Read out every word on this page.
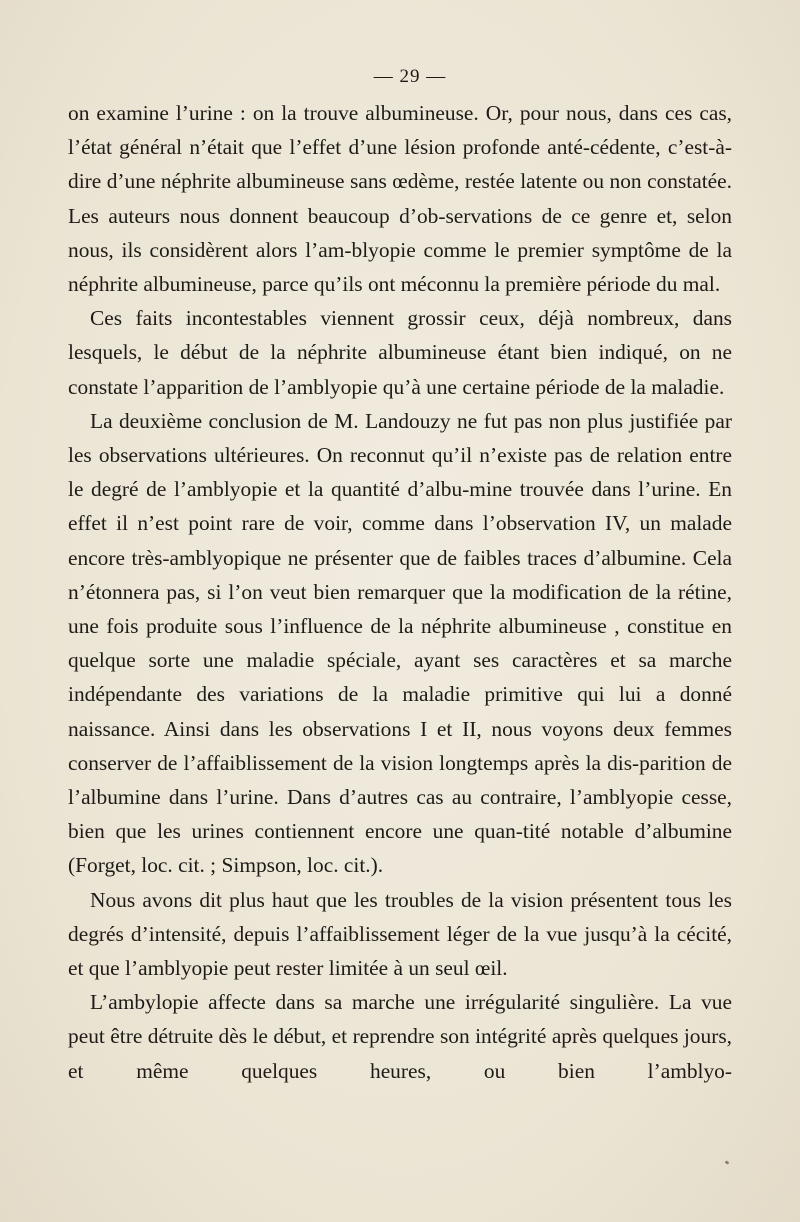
— 29 —

on examine l’urine : on la trouve albumineuse. Or, pour nous, dans ces cas, l’état général n’était que l’effet d’une lésion profonde anté-cédente, c’est-à-dire d’une néphrite albumineuse sans œdème, restée latente ou non constatée. Les auteurs nous donnent beaucoup d’ob-servations de ce genre et, selon nous, ils considèrent alors l’am-blyopie comme le premier symptôme de la néphrite albumineuse, parce qu’ils ont méconnu la première période du mal.

Ces faits incontestables viennent grossir ceux, déjà nombreux, dans lesquels, le début de la néphrite albumineuse étant bien indiqué, on ne constate l’apparition de l’amblyopie qu’à une certaine période de la maladie.

La deuxième conclusion de M. Landouzy ne fut pas non plus justifiée par les observations ultérieures. On reconnut qu’il n’existe pas de relation entre le degré de l’amblyopie et la quantité d’albu-mine trouvée dans l’urine. En effet il n’est point rare de voir, comme dans l’observation IV, un malade encore très-amblyopique ne présenter que de faibles traces d’albumine. Cela n’étonnera pas, si l’on veut bien remarquer que la modification de la rétine, une fois produite sous l’influence de la néphrite albumineuse , constitue en quelque sorte une maladie spéciale, ayant ses caractères et sa marche indépendante des variations de la maladie primitive qui lui a donné naissance. Ainsi dans les observations I et II, nous voyons deux femmes conserver de l’affaiblissement de la vision longtemps après la dis-parition de l’albumine dans l’urine. Dans d’autres cas au contraire, l’amblyopie cesse, bien que les urines contiennent encore une quan-tité notable d’albumine (Forget, loc. cit. ; Simpson, loc. cit.).

Nous avons dit plus haut que les troubles de la vision présentent tous les degrés d’intensité, depuis l’affaiblissement léger de la vue jusqu’à la cécité, et que l’amblyopie peut rester limitée à un seul œil.

L’ambylopie affecte dans sa marche une irrégularité singulière. La vue peut être détruite dès le début, et reprendre son intégrité après quelques jours, et même quelques heures, ou bien l’amblyo-
